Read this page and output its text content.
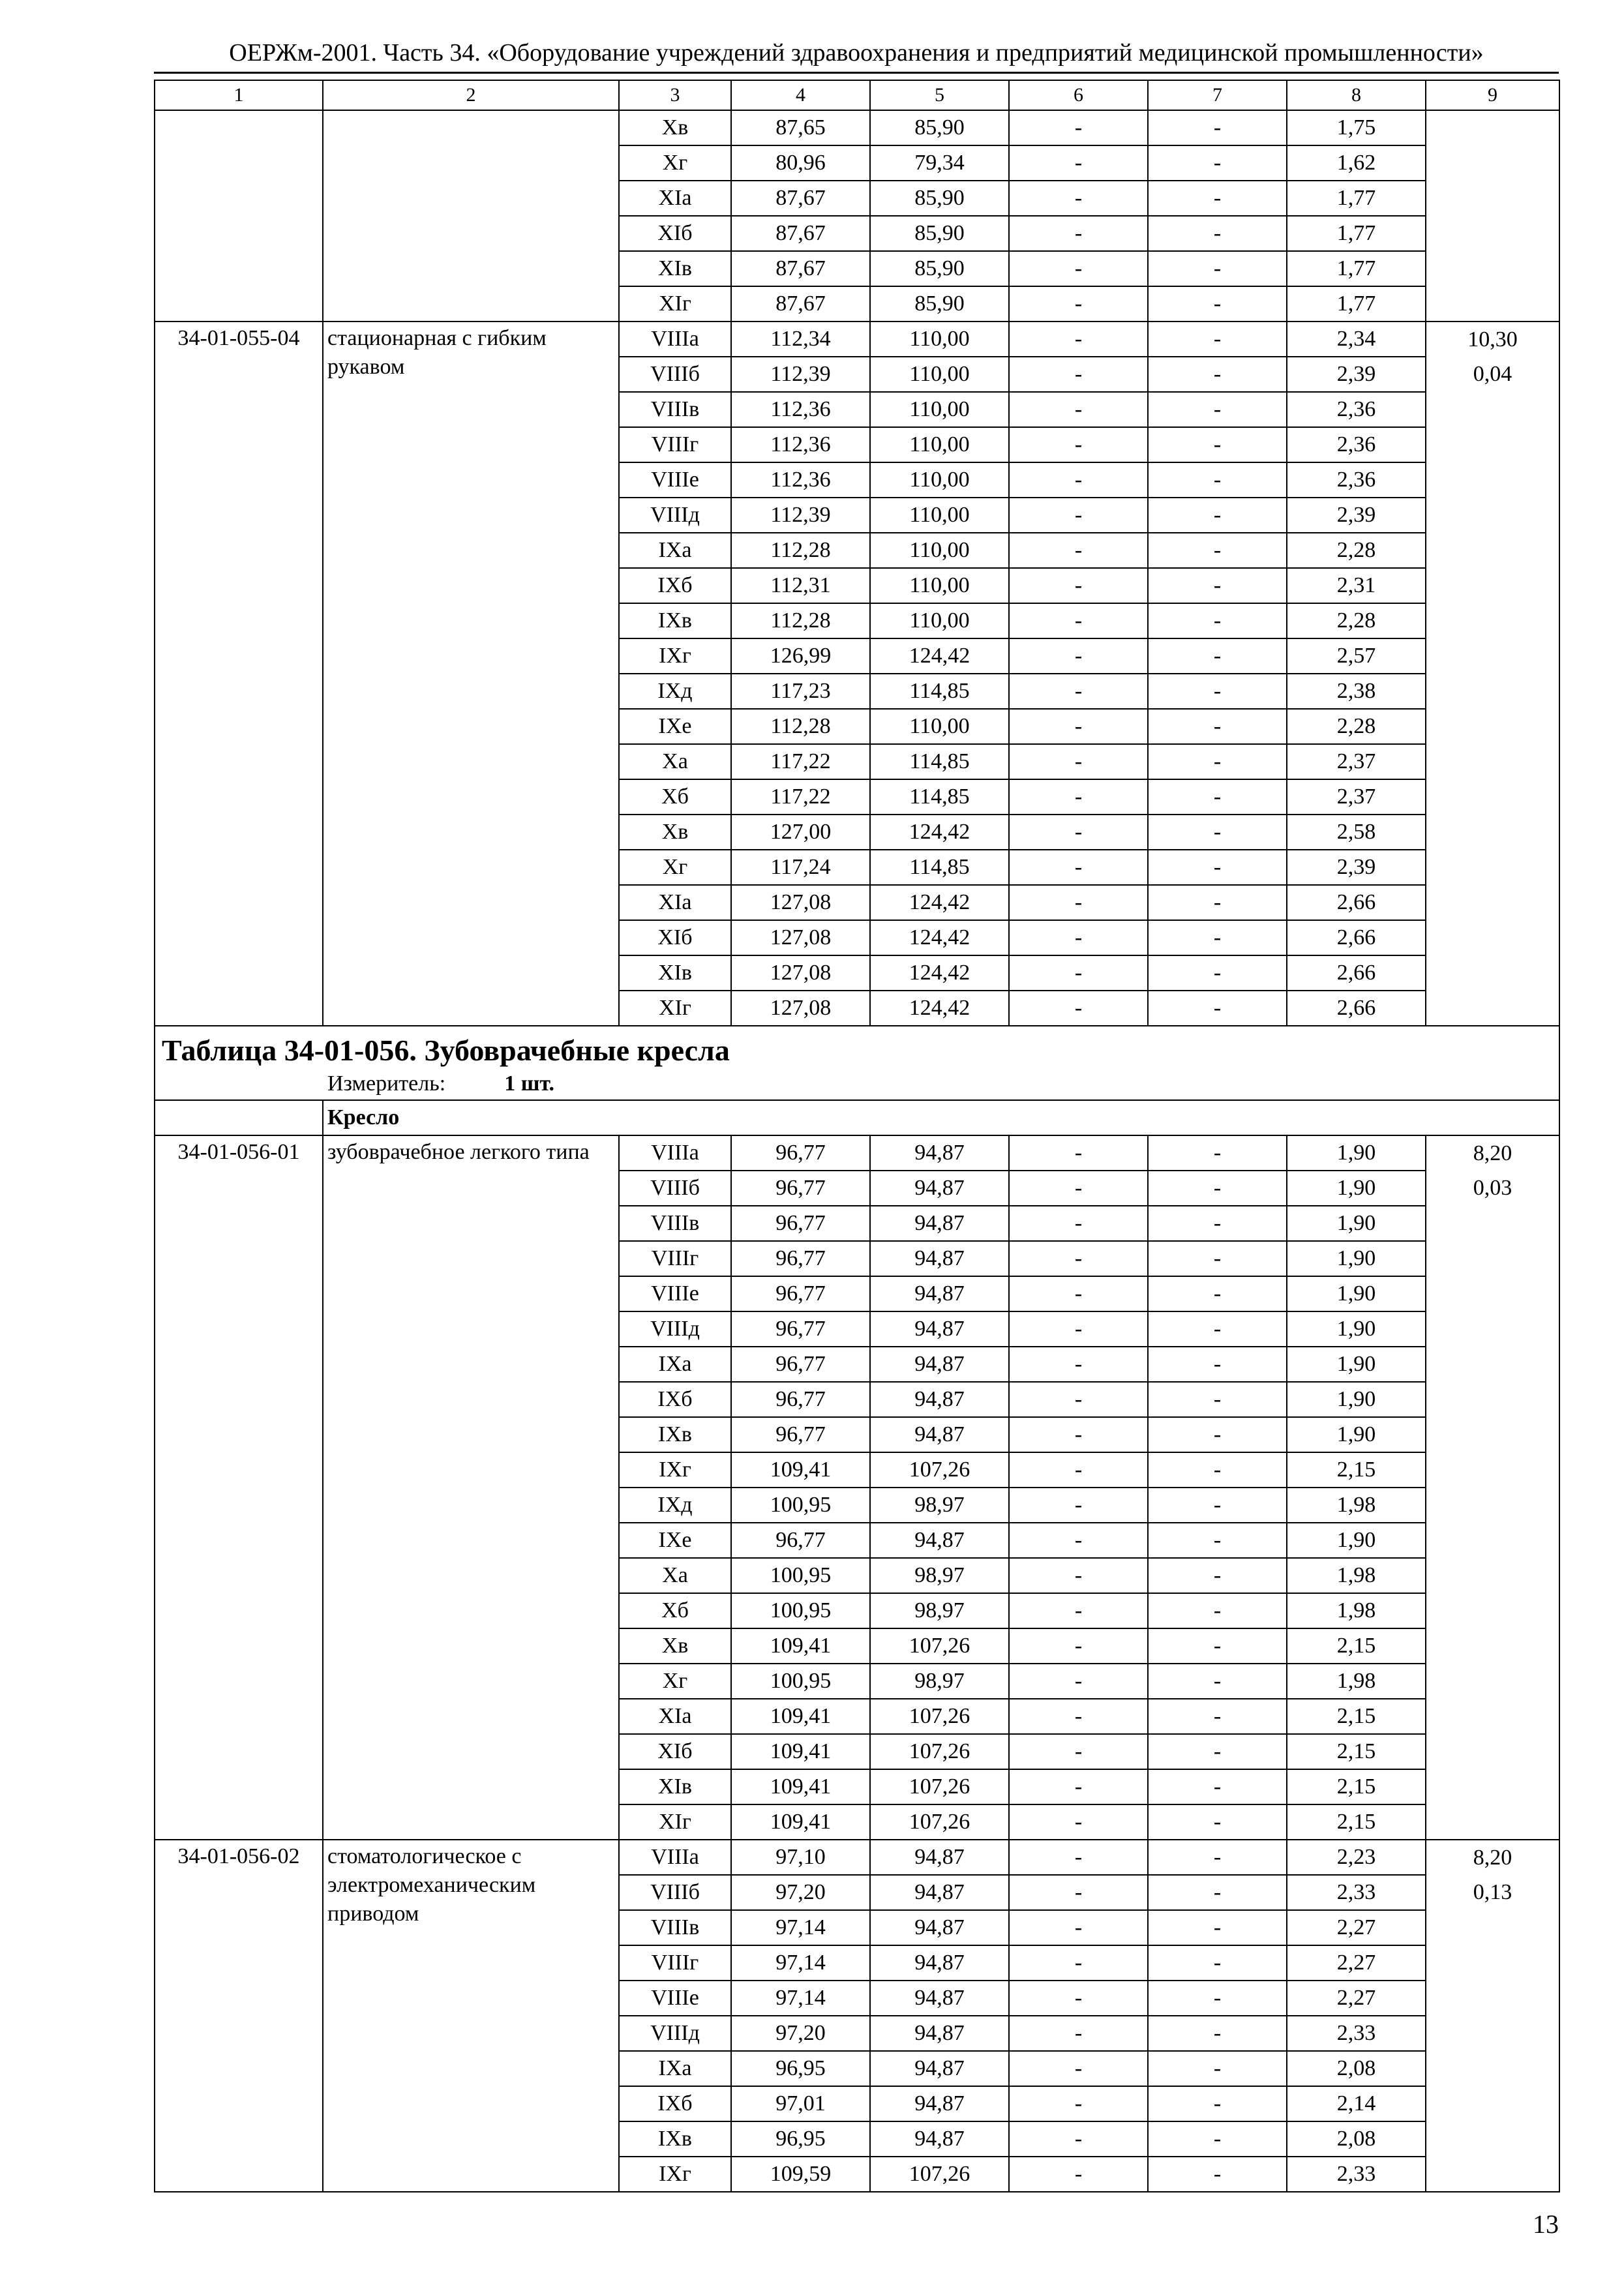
ОЕРЖм-2001. Часть 34. «Оборудование учреждений здравоохранения и предприятий медицинской промышленности»
1	2	3	4	5	6	7	8	9
		Хв	87,65	85,90	-	-	1,75	
		Хг	80,96	79,34	-	-	1,62	
		ХIа	87,67	85,90	-	-	1,77	
		ХIб	87,67	85,90	-	-	1,77	
		ХIв	87,67	85,90	-	-	1,77	
		ХIг	87,67	85,90	-	-	1,77	
34-01-055-04	стационарная с гибким рукавом	VIIIа	112,34	110,00	-	-	2,34	10,30
		VIIIб	112,39	110,00	-	-	2,39	0,04
		VIIIв	112,36	110,00	-	-	2,36	
		VIIIг	112,36	110,00	-	-	2,36	
		VIIIе	112,36	110,00	-	-	2,36	
		VIIIд	112,39	110,00	-	-	2,39	
		IХа	112,28	110,00	-	-	2,28	
		IХб	112,31	110,00	-	-	2,31	
		IХв	112,28	110,00	-	-	2,28	
		IХг	126,99	124,42	-	-	2,57	
		IХд	117,23	114,85	-	-	2,38	
		IХе	112,28	110,00	-	-	2,28	
		Ха	117,22	114,85	-	-	2,37	
		Хб	117,22	114,85	-	-	2,37	
		Хв	127,00	124,42	-	-	2,58	
		Хг	117,24	114,85	-	-	2,39	
		ХIа	127,08	124,42	-	-	2,66	
		ХIб	127,08	124,42	-	-	2,66	
		ХIв	127,08	124,42	-	-	2,66	
		ХIг	127,08	124,42	-	-	2,66	

Таблица 34-01-056. Зубоврачебные кресла
Измеритель: 1 шт.								

	Кресло							
34-01-056-01	зубоврачебное легкого типа	VIIIа	96,77	94,87	-	-	1,90	8,20
		VIIIб	96,77	94,87	-	-	1,90	0,03
		VIIIв	96,77	94,87	-	-	1,90	
		VIIIг	96,77	94,87	-	-	1,90	
		VIIIе	96,77	94,87	-	-	1,90	
		VIIIд	96,77	94,87	-	-	1,90	
		IХа	96,77	94,87	-	-	1,90	
		IХб	96,77	94,87	-	-	1,90	
		IХв	96,77	94,87	-	-	1,90	
		IХг	109,41	107,26	-	-	2,15	
		IХд	100,95	98,97	-	-	1,98	
		IХе	96,77	94,87	-	-	1,90	
		Ха	100,95	98,97	-	-	1,98	
		Хб	100,95	98,97	-	-	1,98	
		Хв	109,41	107,26	-	-	2,15	
		Хг	100,95	98,97	-	-	1,98	
		ХIа	109,41	107,26	-	-	2,15	
		ХIб	109,41	107,26	-	-	2,15	
		ХIв	109,41	107,26	-	-	2,15	
		ХIг	109,41	107,26	-	-	2,15	
34-01-056-02	стоматологическое с электромеханическим приводом	VIIIа	97,10	94,87	-	-	2,23	8,20
		VIIIб	97,20	94,87	-	-	2,33	0,13
		VIIIв	97,14	94,87	-	-	2,27	
		VIIIг	97,14	94,87	-	-	2,27	
		VIIIе	97,14	94,87	-	-	2,27	
		VIIIд	97,20	94,87	-	-	2,33	
		IХа	96,95	94,87	-	-	2,08	
		IХб	97,01	94,87	-	-	2,14	
		IХв	96,95	94,87	-	-	2,08	
		IХг	109,59	107,26	-	-	2,33	
13
